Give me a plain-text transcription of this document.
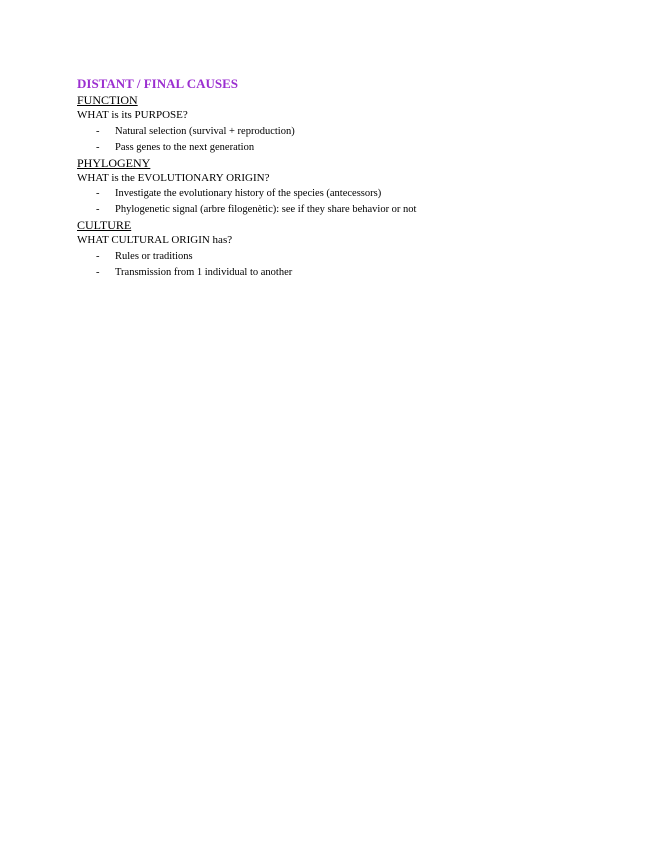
DISTANT / FINAL CAUSES
FUNCTION
WHAT is its PURPOSE?
- Natural selection (survival + reproduction)
- Pass genes to the next generation
PHYLOGENY
WHAT is the EVOLUTIONARY ORIGIN?
- Investigate the evolutionary history of the species (antecessors)
- Phylogenetic signal (arbre filogenètic): see if they share behavior or not
CULTURE
WHAT CULTURAL ORIGIN has?
- Rules or traditions
- Transmission from 1 individual to another
